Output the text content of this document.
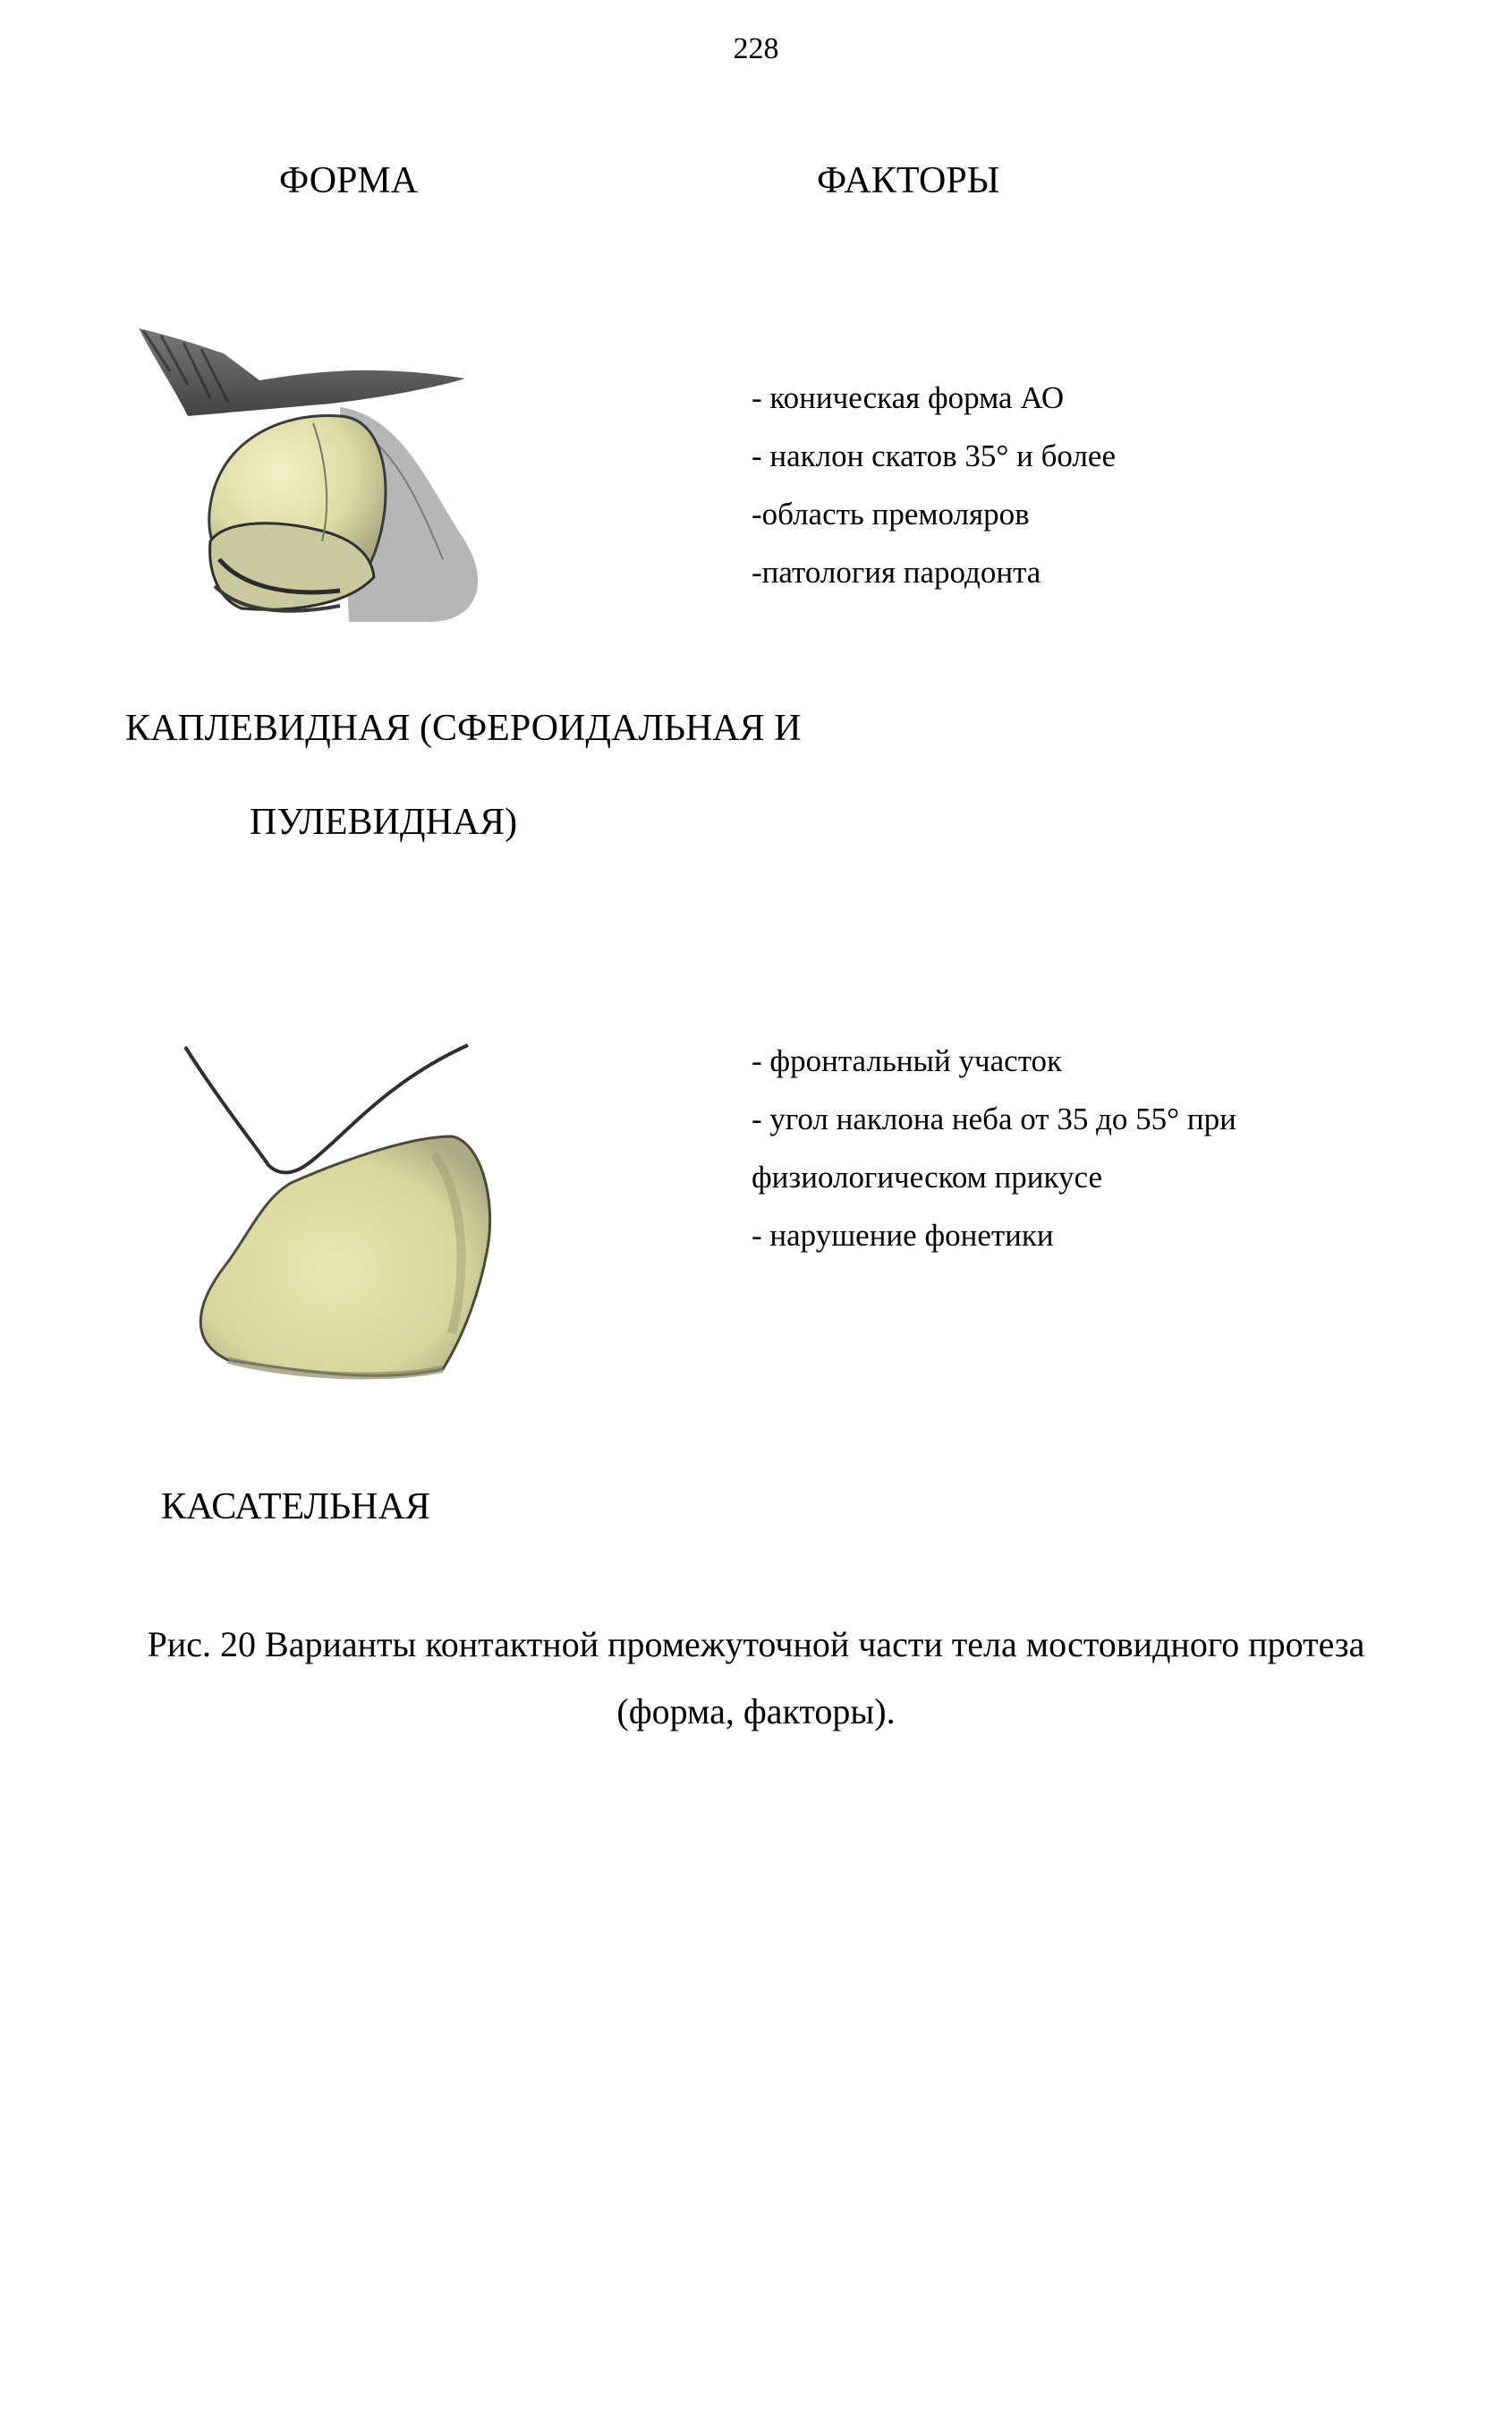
228
ФОРМА	ФАКТОРЫ
- коническая форма АО
- наклон скатов 35° и более
-область премоляров
-патология пародонта
КАПЛЕВИДНАЯ (СФЕРОИДАЛЬНАЯ И
ПУЛЕВИДНАЯ)
- фронтальный участок
- угол наклона неба от 35 до 55° при
физиологическом прикусе
- нарушение фонетики
КАСАТЕЛЬНАЯ
Рис. 20 Варианты контактной промежуточной части тела мостовидного протеза
(форма, факторы).
